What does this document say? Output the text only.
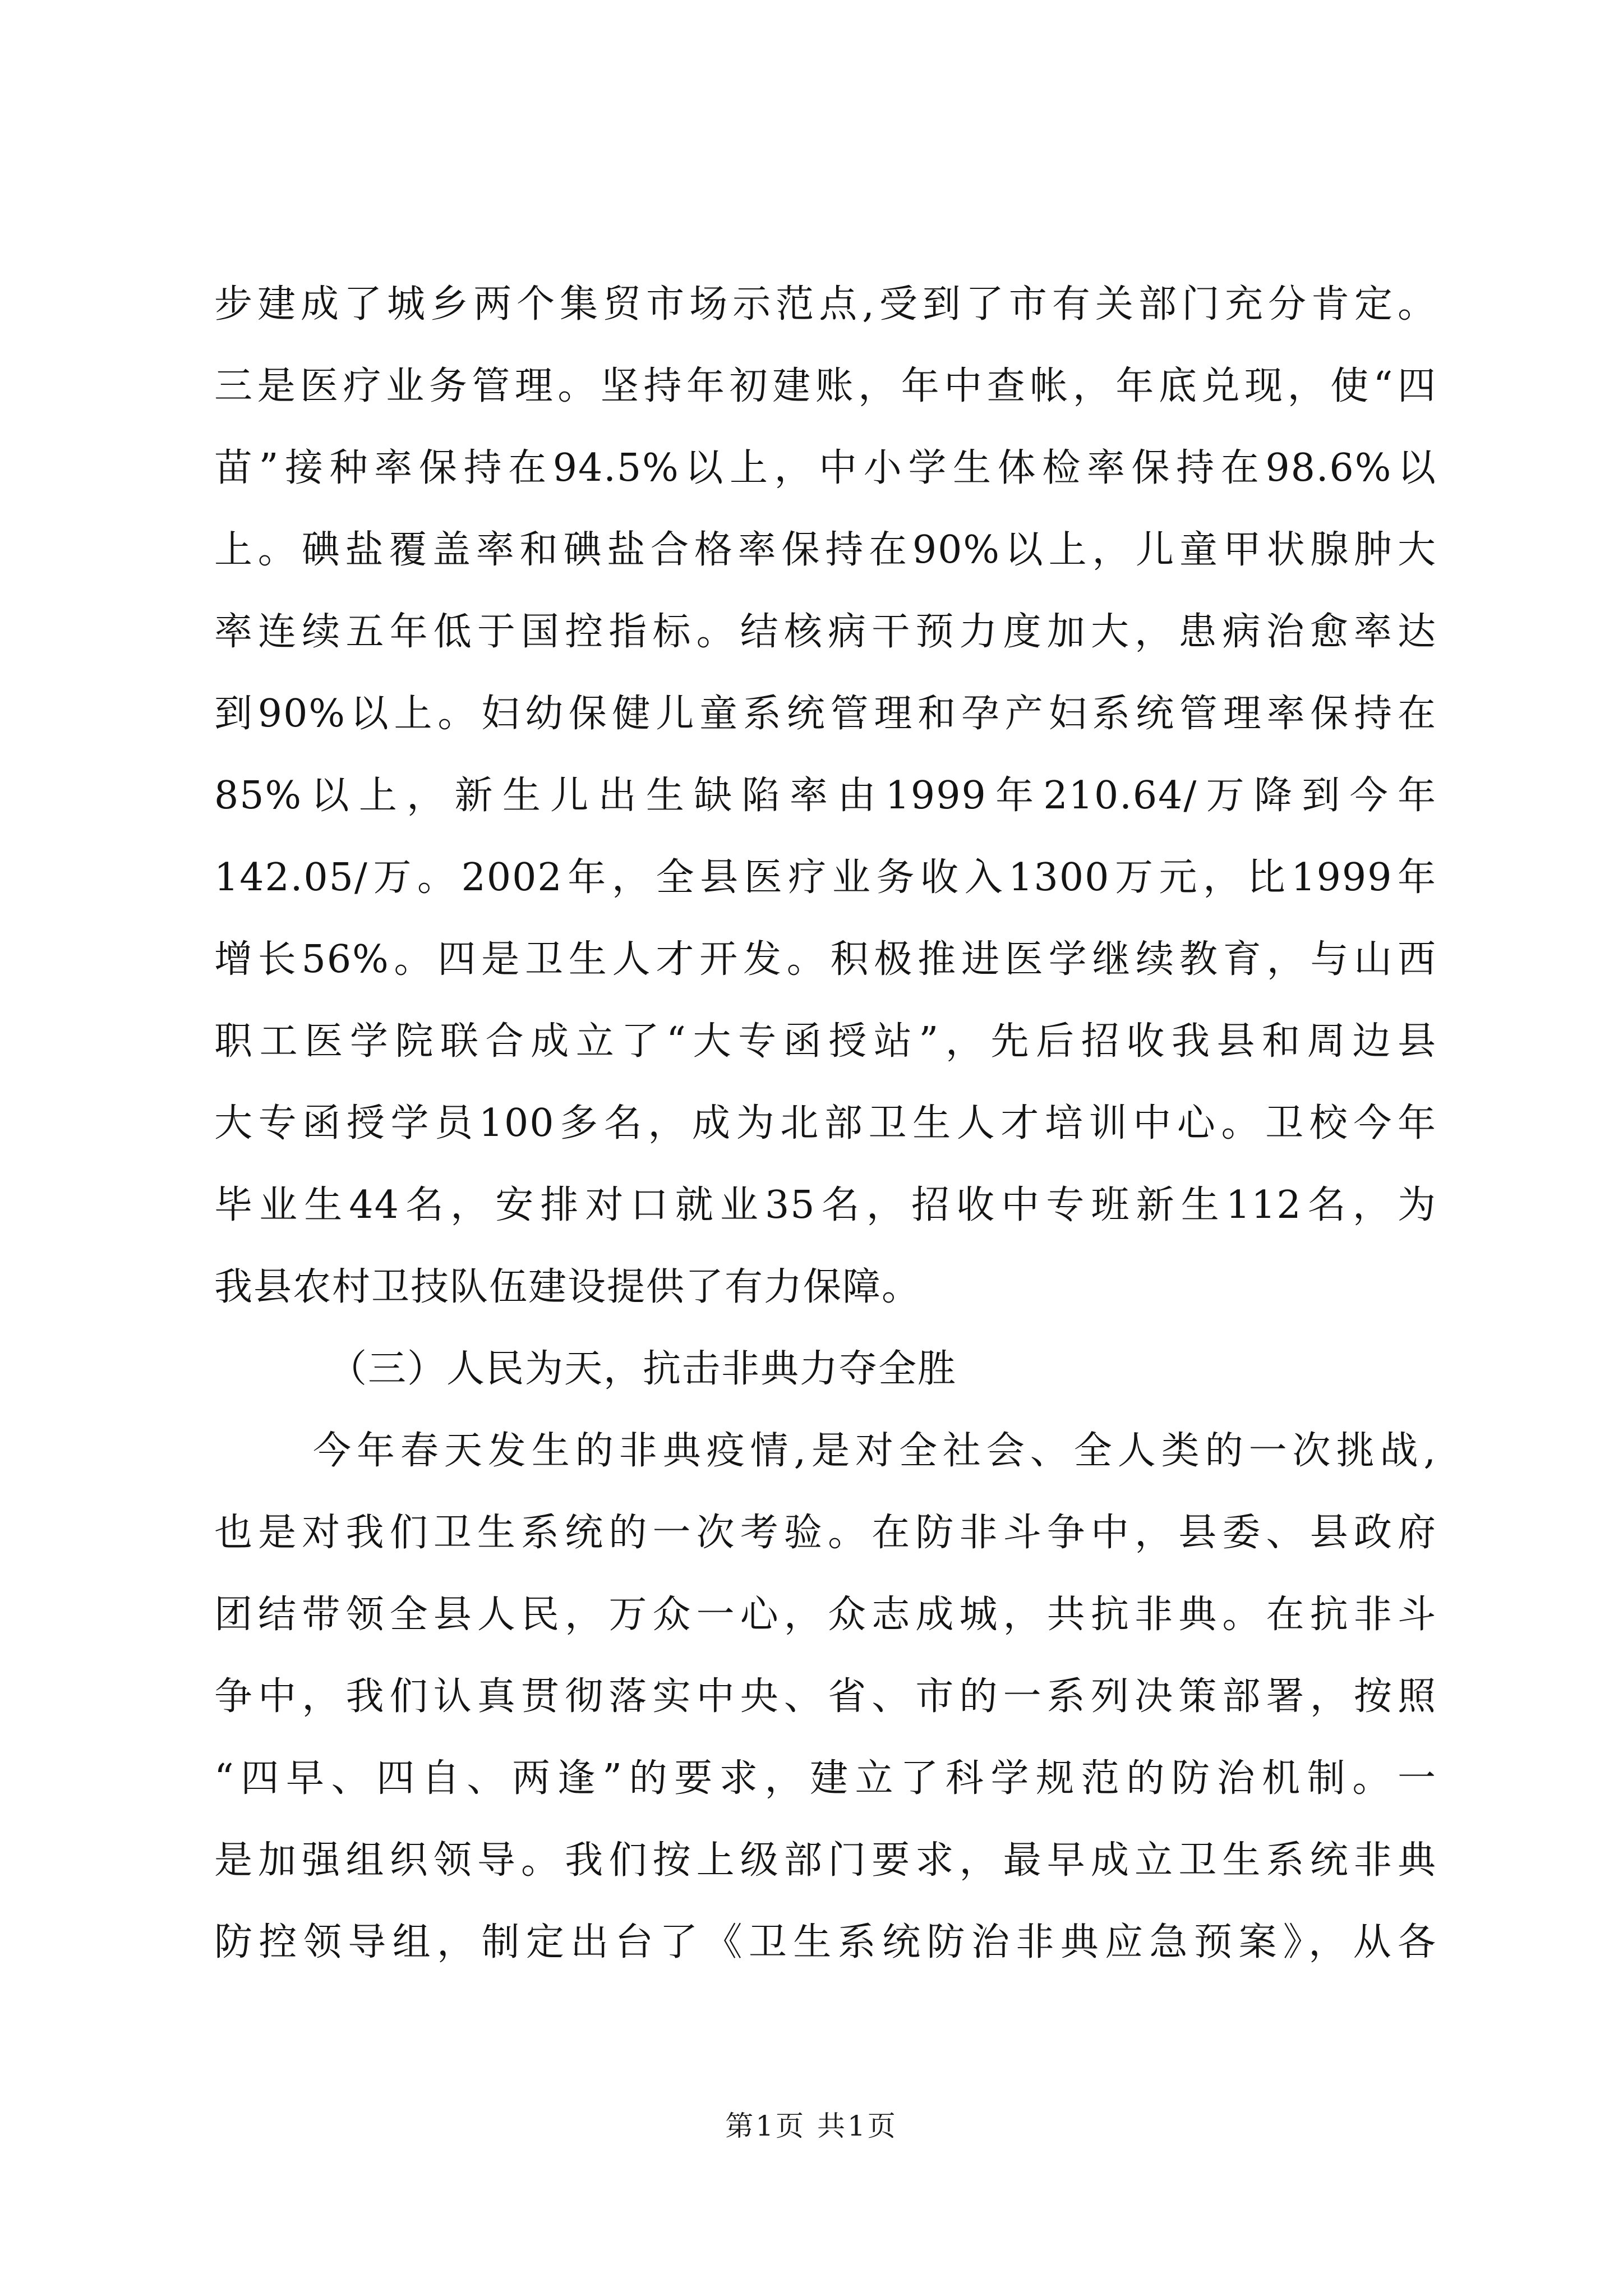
步建成了城乡两个集贸市场示范点,受到了市有关部门充分肯定。
三是医疗业务管理。坚持年初建账，年中查帐，年底兑现，使“四
苗”接种率保持在94.5%以上，中小学生体检率保持在98.6%以
上。碘盐覆盖率和碘盐合格率保持在90%以上，儿童甲状腺肿大
率连续五年低于国控指标。结核病干预力度加大，患病治愈率达
到90%以上。妇幼保健儿童系统管理和孕产妇系统管理率保持在
85%以上，新生儿出生缺陷率由1999年210.64/万降到今年
142.05/万。2002年，全县医疗业务收入1300万元，比1999年
增长56%。四是卫生人才开发。积极推进医学继续教育，与山西
职工医学院联合成立了“大专函授站”，先后招收我县和周边县
大专函授学员100多名，成为北部卫生人才培训中心。卫校今年
毕业生44名，安排对口就业35名，招收中专班新生112名，为
我县农村卫技队伍建设提供了有力保障。
（三）人民为天，抗击非典力夺全胜
今年春天发生的非典疫情,是对全社会、全人类的一次挑战,
也是对我们卫生系统的一次考验。在防非斗争中，县委、县政府
团结带领全县人民，万众一心，众志成城，共抗非典。在抗非斗
争中，我们认真贯彻落实中央、省、市的一系列决策部署，按照
“四早、四自、两逢”的要求，建立了科学规范的防治机制。一
是加强组织领导。我们按上级部门要求，最早成立卫生系统非典
防控领导组，制定出台了《卫生系统防治非典应急预案》，从各
第1页 共1页
